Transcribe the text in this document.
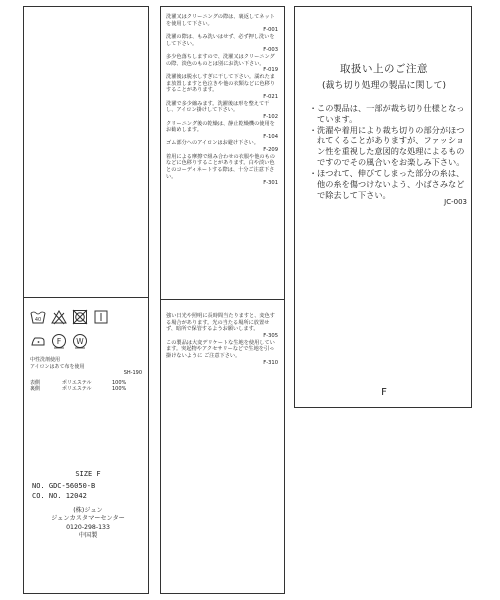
40
F W
中性洗剤使用
アイロンはあて布を使用
SH-190
表側	ポリエステル	100%
裏側	ポリエステル	100%
SIZE F
NO. GDC-56050-B
CO. NO. 12042
(株)ジュン
ジュンカスタマーセンター
0120-298-133
中国製
洗濯又はクリーニングの際は、裏返してネットを使用して下さい。
F-001
洗濯の際は、もみ洗いはせず、必ず押し洗いをして下さい。
F-003
多少色落ちしますので、洗濯又はクリーニングの際、淡色のものとは別にお洗い下さい。
F-019
洗濯後は脱水しすぎに干して下さい。濡れたまま放置しますと色泣きや他の衣類などに色移りすることがあります。
F-021
洗濯で多少縮みます。洗濯後は形を整えて干し、アイロン掛けして下さい。
F-102
クリーニング後の乾燥は、静止乾燥機の使用をお勧めします。
F-104
ゴム部分へのアイロンはお避け下さい。
F-209
着用による摩擦で組み合わせの衣服や他のものなどに色移りすることがあります。白や淡い色とのコーディネートする際は、十分ご注意下さい。
F-301
強い日光や照明に長時間当たりますと、変色する場合があります。光の当たる場所に放置せず、暗所で保管するようお願いします。
F-305
この製品は大変デリケートな生地を使用しています。突起物やアクセサリーなどで生地を引っ掛けないように ご注意下さい。
F-310
取扱い上のご注意
(裁ち切り処理の製品に関して)
・ この製品は、一部が裁ち切り仕様となっています。
・ 洗濯や着用により裁ち切りの部分がほつれてくることがありますが、ファッション性を重視した意図的な処理によるものですのでその風合いをお楽しみ下さい。
・ ほつれて、伸びてしまった部分の糸は、他の糸を傷つけないよう、小ばさみなどで除去して下さい。
JC-003
F
